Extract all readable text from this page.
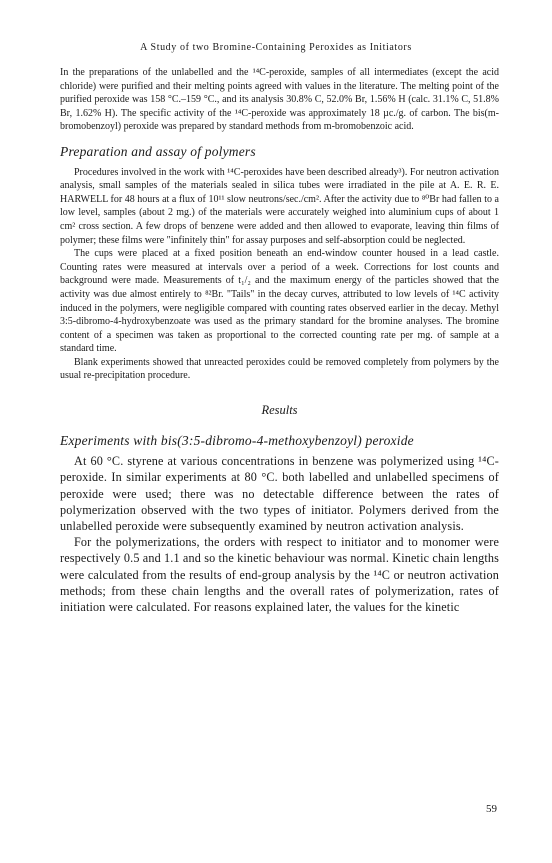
A Study of two Bromine-Containing Peroxides as Initiators

In the preparations of the unlabelled and the ¹⁴C-peroxide, samples of all intermediates (except the acid chloride) were purified and their melting points agreed with values in the literature. The melting point of the purified peroxide was 158 °C.–159 °C., and its analysis 30.8% C, 52.0% Br, 1.56% H (calc. 31.1% C, 51.8% Br, 1.62% H). The specific activity of the ¹⁴C-peroxide was approximately 18 µc./g. of carbon. The bis(m-bromobenzoyl) peroxide was prepared by standard methods from m-bromobenzoic acid.

Preparation and assay of polymers

Procedures involved in the work with ¹⁴C-peroxides have been described already³). For neutron activation analysis, small samples of the materials sealed in silica tubes were irradiated in the pile at A. E. R. E. HARWELL for 48 hours at a flux of 10¹¹ slow neutrons/sec./cm². After the activity due to ⁸⁰Br had fallen to a low level, samples (about 2 mg.) of the materials were accurately weighed into aluminium cups of about 1 cm² cross section. A few drops of benzene were added and then allowed to evaporate, leaving thin films of polymer; these films were "infinitely thin" for assay purposes and self-absorption could be neglected.

The cups were placed at a fixed position beneath an end-window counter housed in a lead castle. Counting rates were measured at intervals over a period of a week. Corrections for lost counts and background were made. Measurements of t₁/₂ and the maximum energy of the particles showed that the activity was due almost entirely to ⁸²Br. "Tails" in the decay curves, attributed to low levels of ¹⁴C activity induced in the polymers, were negligible compared with counting rates observed earlier in the decay. Methyl 3:5-dibromo-4-hydroxybenzoate was used as the primary standard for the bromine analyses. The bromine content of a specimen was taken as proportional to the corrected counting rate per mg. of sample at a standard time.

Blank experiments showed that unreacted peroxides could be removed completely from polymers by the usual re-precipitation procedure.

Results
Experiments with bis(3:5-dibromo-4-methoxybenzoyl) peroxide

At 60 °C. styrene at various concentrations in benzene was polymerized using ¹⁴C-peroxide. In similar experiments at 80 °C. both labelled and unlabelled specimens of peroxide were used; there was no detectable difference between the rates of polymerization observed with the two types of initiator. Polymers derived from the unlabelled peroxide were subsequently examined by neutron activation analysis.

For the polymerizations, the orders with respect to initiator and to monomer were respectively 0.5 and 1.1 and so the kinetic behaviour was normal. Kinetic chain lengths were calculated from the results of end-group analysis by the ¹⁴C or neutron activation methods; from these chain lengths and the overall rates of polymerization, rates of initiation were calculated. For reasons explained later, the values for the kinetic

59
